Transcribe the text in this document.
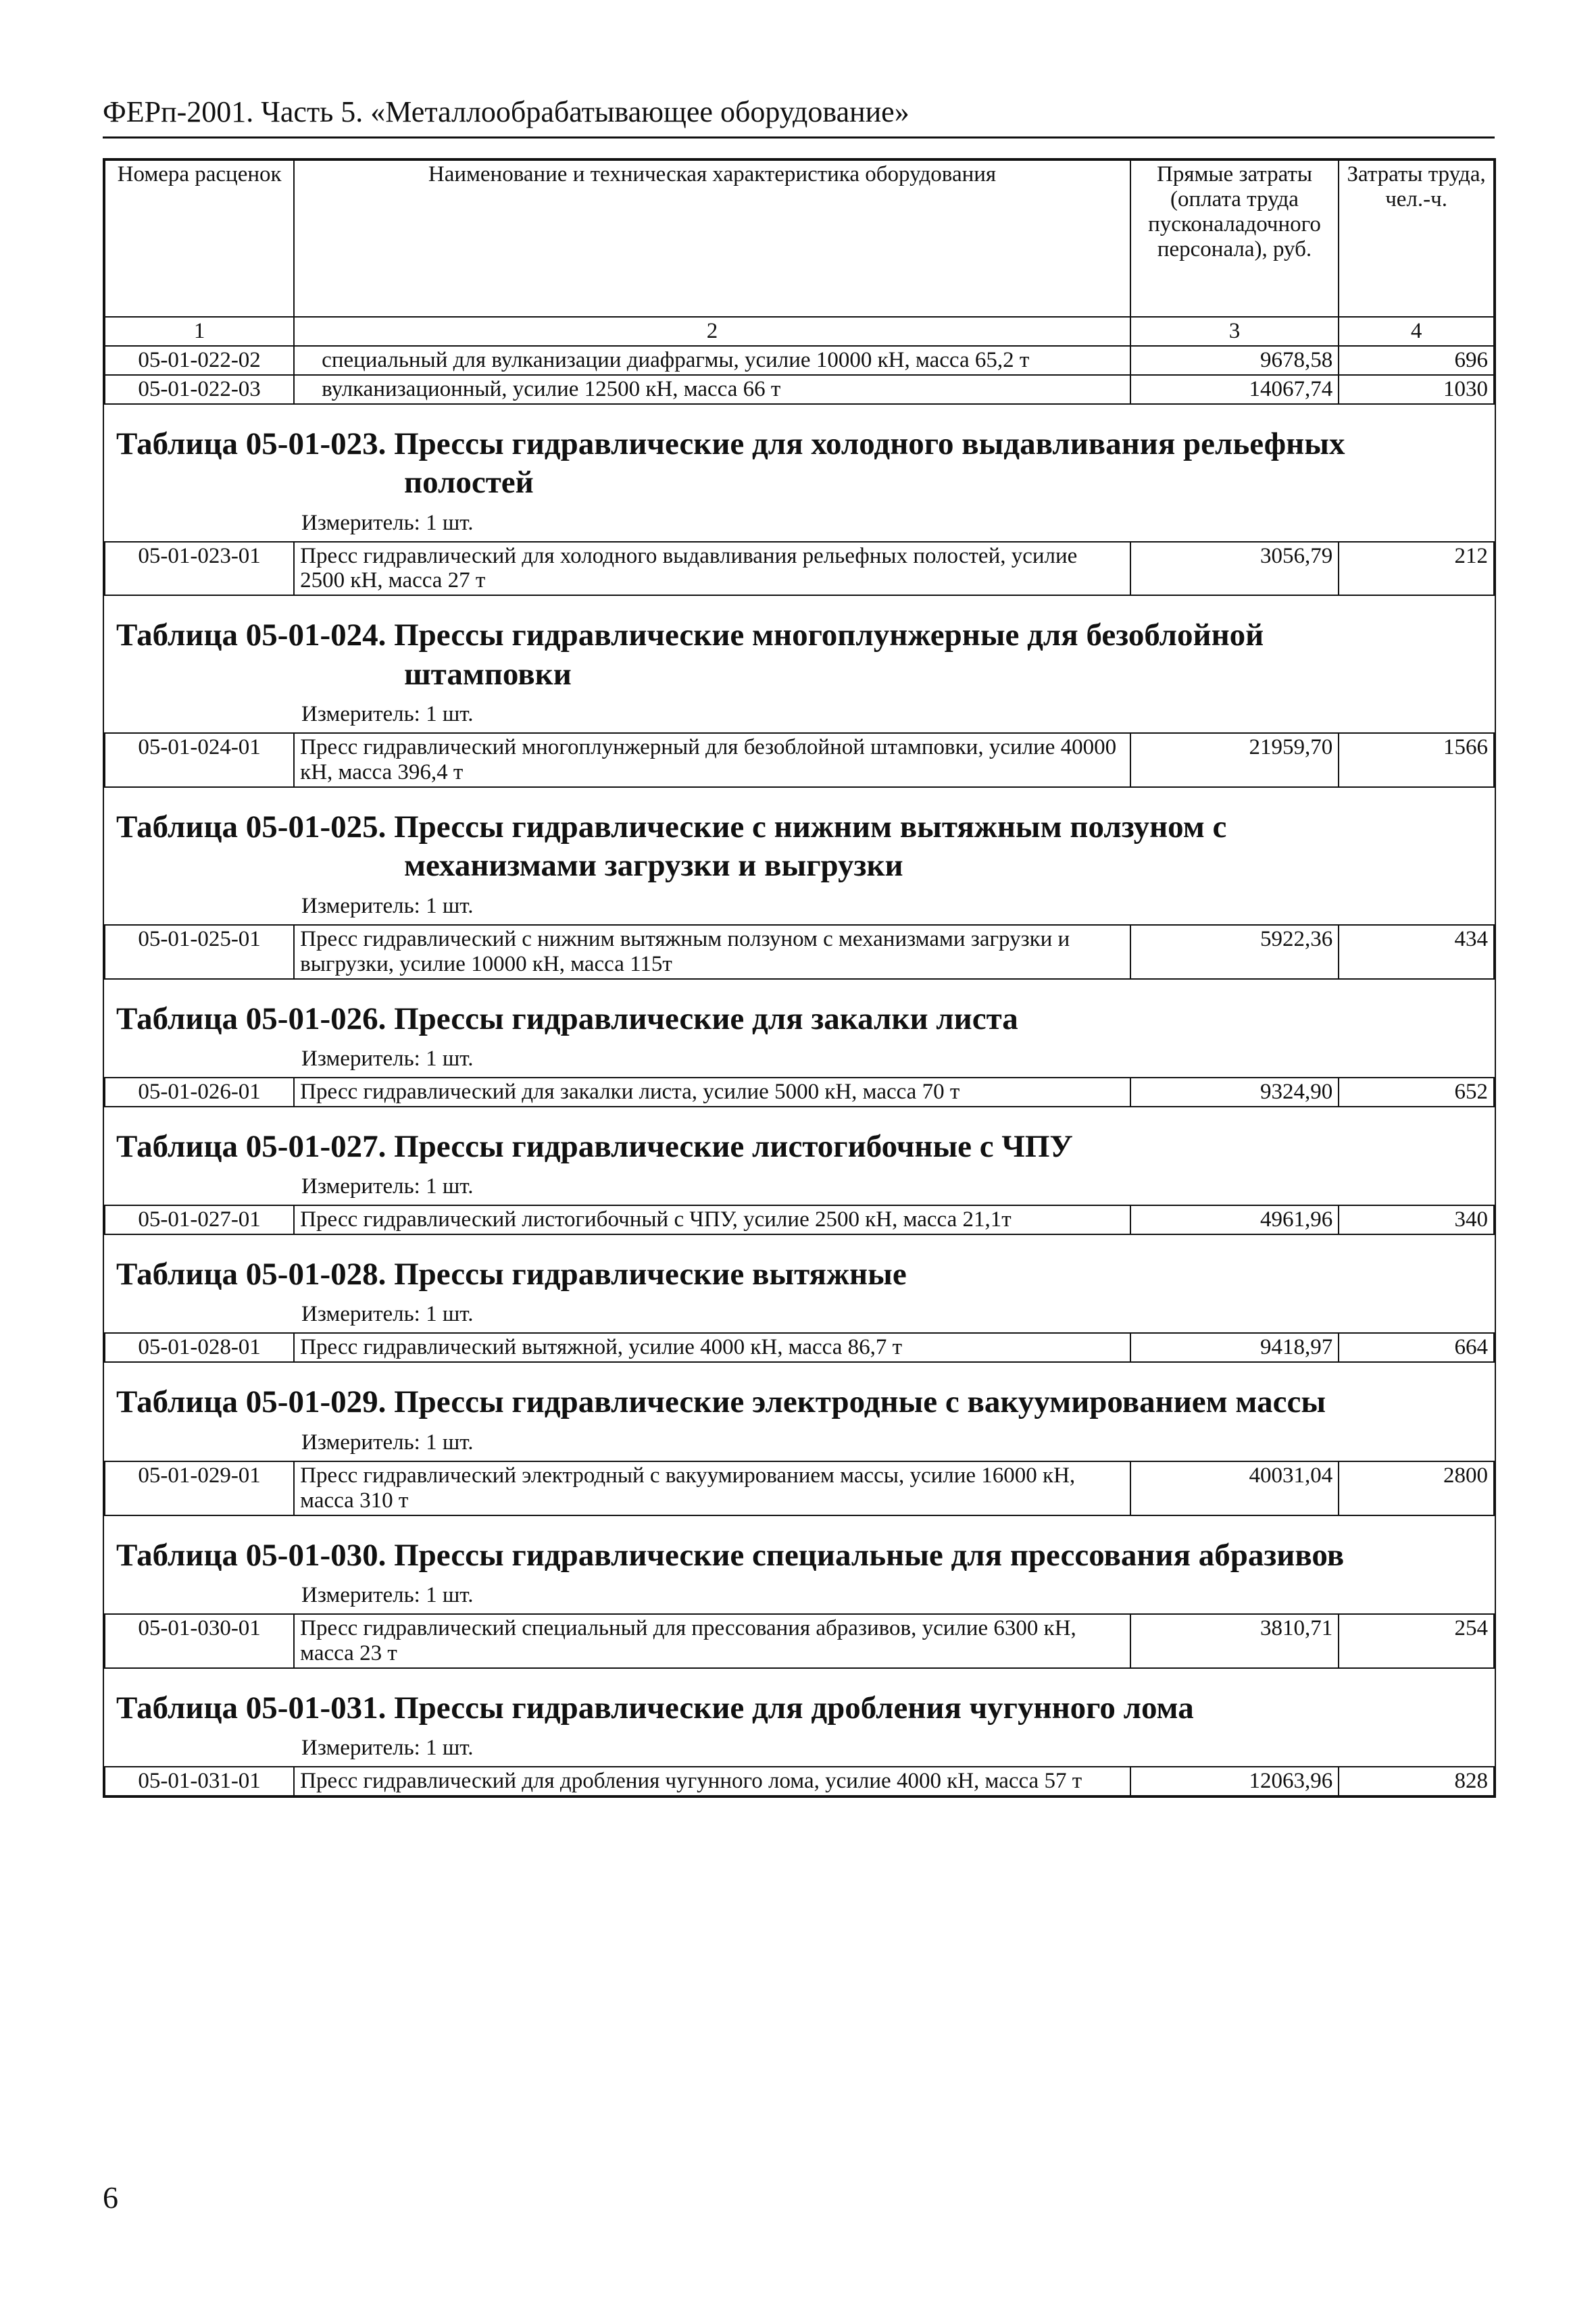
ФЕРп-2001. Часть 5. «Металлообрабатывающее оборудование»
Номера расценок	Наименование и техническая характеристика оборудования	Прямые затраты (оплата труда пусконаладочного персонала), руб.	Затраты труда, чел.-ч.
1	2	3	4
05-01-022-02	специальный для вулканизации диафрагмы, усилие 10000 кН, масса 65,2 т	9678,58	696
05-01-022-03	вулканизационный, усилие 12500 кН, масса 66 т	14067,74	1030
Таблица 05-01-023. Прессы гидравлические для холодного выдавливания рельефных
полостей
Измеритель: 1 шт.
05-01-023-01	Пресс гидравлический для холодного выдавливания рельефных полостей, усилие 2500 кН, масса 27 т	3056,79	212
Таблица 05-01-024. Прессы гидравлические многоплунжерные для безоблойной
штамповки
Измеритель: 1 шт.
05-01-024-01	Пресс гидравлический многоплунжерный для безоблойной штамповки, усилие 40000 кН, масса 396,4 т	21959,70	1566
Таблица 05-01-025. Прессы гидравлические с нижним вытяжным ползуном с
механизмами загрузки и выгрузки
Измеритель: 1 шт.
05-01-025-01	Пресс гидравлический с нижним вытяжным ползуном с механизмами загрузки и выгрузки, усилие 10000 кН, масса 115т	5922,36	434
Таблица 05-01-026. Прессы гидравлические для закалки листа
Измеритель: 1 шт.
05-01-026-01	Пресс гидравлический для закалки листа, усилие 5000 кН, масса 70 т	9324,90	652
Таблица 05-01-027. Прессы гидравлические листогибочные с ЧПУ
Измеритель: 1 шт.
05-01-027-01	Пресс гидравлический листогибочный с ЧПУ, усилие 2500 кН, масса 21,1т	4961,96	340
Таблица 05-01-028. Прессы гидравлические вытяжные
Измеритель: 1 шт.
05-01-028-01	Пресс гидравлический вытяжной, усилие 4000 кН, масса 86,7 т	9418,97	664
Таблица 05-01-029. Прессы гидравлические электродные с вакуумированием массы
Измеритель: 1 шт.
05-01-029-01	Пресс гидравлический электродный с вакуумированием массы, усилие 16000 кН, масса 310 т	40031,04	2800
Таблица 05-01-030. Прессы гидравлические специальные для прессования абразивов
Измеритель: 1 шт.
05-01-030-01	Пресс гидравлический специальный для прессования абразивов, усилие 6300 кН, масса 23 т	3810,71	254
Таблица 05-01-031. Прессы гидравлические для дробления чугунного лома
Измеритель: 1 шт.
05-01-031-01	Пресс гидравлический для дробления чугунного лома, усилие 4000 кН, масса 57 т	12063,96	828
6
